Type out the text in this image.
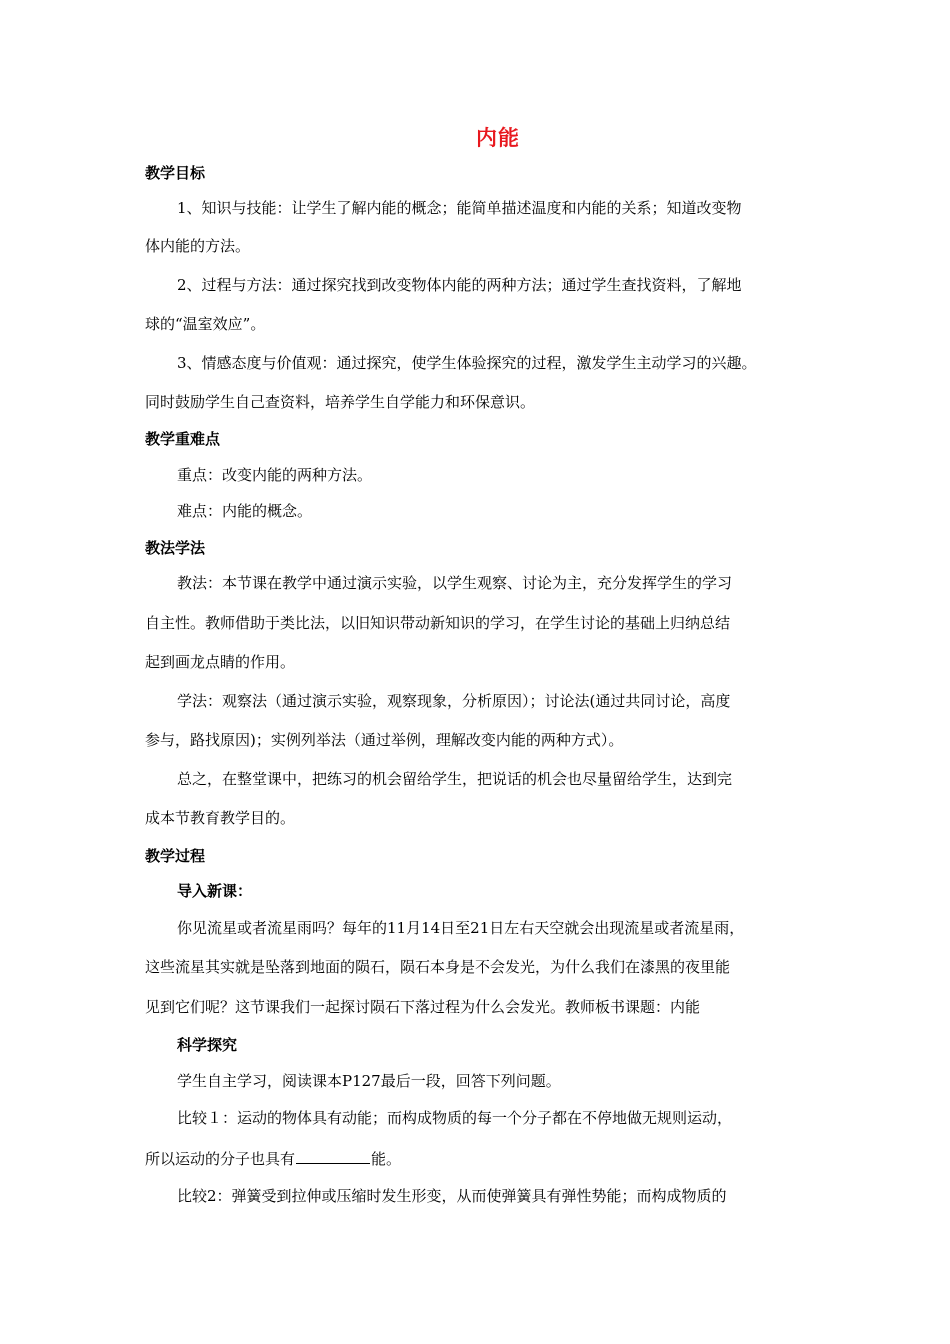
内能
教学目标
1、知识与技能：让学生了解内能的概念；能简单描述温度和内能的关系；知道改变物
体内能的方法。
2、过程与方法：通过探究找到改变物体内能的两种方法；通过学生查找资料，了解地
球的“温室效应”。
3、情感态度与价值观：通过探究，使学生体验探究的过程，激发学生主动学习的兴趣。
同时鼓励学生自己查资料，培养学生自学能力和环保意识。
教学重难点
重点：改变内能的两种方法。
难点：内能的概念。
教法学法
教法：本节课在教学中通过演示实验，以学生观察、讨论为主，充分发挥学生的学习
自主性。教师借助于类比法，以旧知识带动新知识的学习，在学生讨论的基础上归纳总结
起到画龙点睛的作用。
学法：观察法（通过演示实验，观察现象，分析原因）；讨论法(通过共同讨论，高度
参与，路找原因)；实例列举法（通过举例，理解改变内能的两种方式）。
总之，在整堂课中，把练习的机会留给学生，把说话的机会也尽量留给学生，达到完
成本节教育教学目的。
教学过程
导入新课：
你见流星或者流星雨吗？每年的11月14日至21日左右天空就会出现流星或者流星雨，
这些流星其实就是坠落到地面的陨石，陨石本身是不会发光，为什么我们在漆黑的夜里能
见到它们呢？这节课我们一起探讨陨石下落过程为什么会发光。教师板书课题：内能
科学探究
学生自主学习，阅读课本P127最后一段，回答下列问题。
比较１：运动的物体具有动能；而构成物质的每一个分子都在不停地做无规则运动，
所以运动的分子也具有	能。
比较2：弹簧受到拉伸或压缩时发生形变，从而使弹簧具有弹性势能；而构成物质的
